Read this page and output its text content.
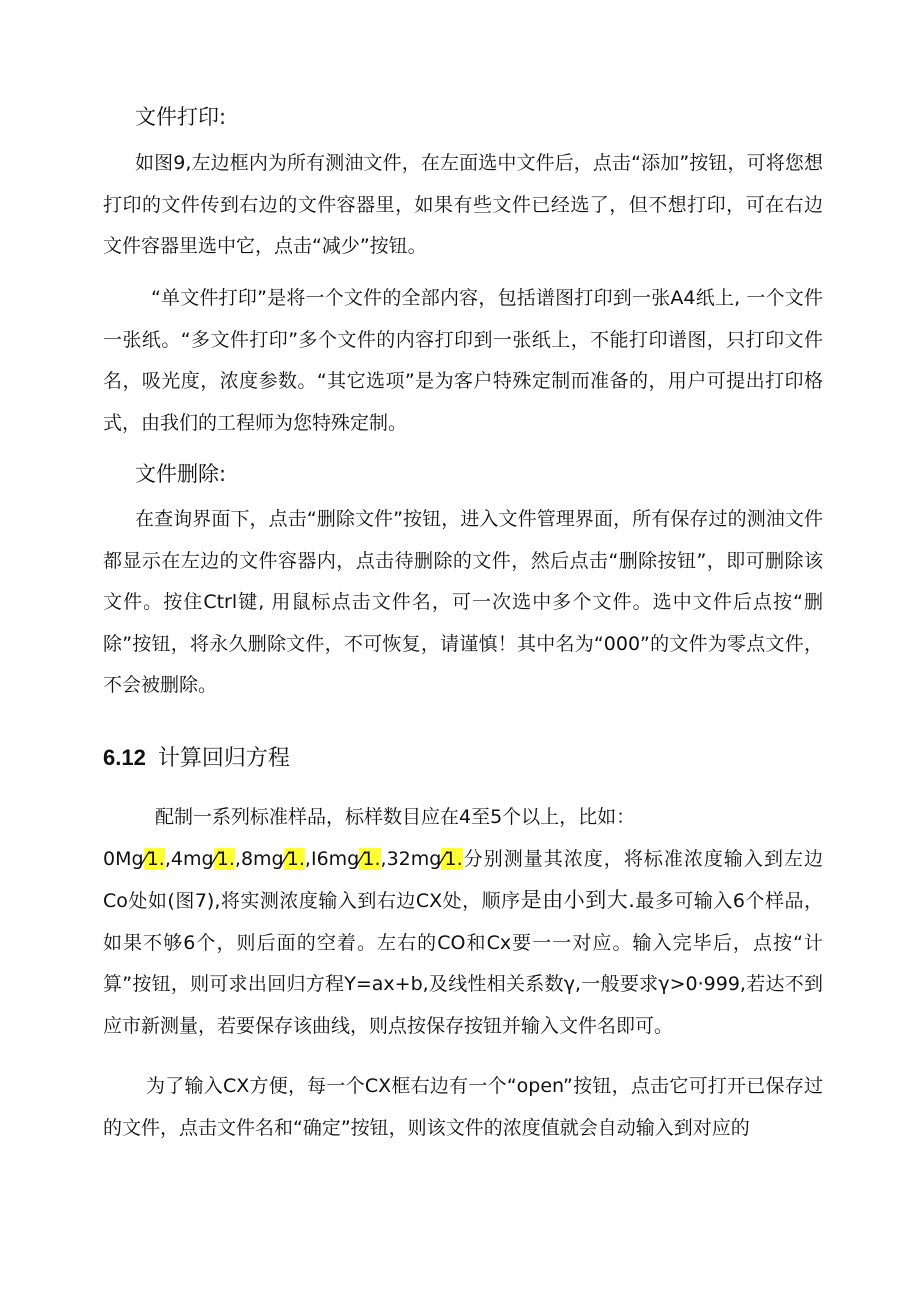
文件打印:

如图9,左边框内为所有测油文件，在左面选中文件后，点击“添加”按钮，可将您想打印的文件传到右边的文件容器里，如果有些文件已经选了，但不想打印，可在右边文件容器里选中它，点击“减少”按钮。

“单文件打印”是将一个文件的全部内容，包括谱图打印到一张A4纸上, 一个文件一张纸。“多文件打印”多个文件的内容打印到一张纸上，不能打印谱图，只打印文件名，吸光度，浓度参数。“其它选项”是为客户特殊定制而准备的，用户可提出打印格式，由我们的工程师为您特殊定制。

文件删除:

在查询界面下，点击“删除文件”按钮，进入文件管理界面，所有保存过的测油文件都显示在左边的文件容器内，点击待删除的文件，然后点击“删除按钮”，即可删除该文件。按住Ctrl键, 用鼠标点击文件名，可一次选中多个文件。选中文件后点按“删除”按钮，将永久删除文件，不可恢复，请谨慎！其中名为“000”的文件为零点文件，不会被删除。

6.12 计算回归方程

配制一系列标准样品，标样数目应在4至5个以上，比如：
0Mg⁄1.,4mg⁄1.,8mg⁄1.,I6mg⁄1.,32mg⁄1.分别测量其浓度，将标准浓度输入到左边Co处如(图7),将实测浓度输入到右边CX处，顺序是由小到大.最多可输入6个样品，如果不够6个，则后面的空着。左右的CO和Cx要一一对应。输入完毕后，点按“计算”按钮，则可求出回归方程Y=ax+b,及线性相关系数γ,一般要求γ>0·999,若达不到应市新测量，若要保存该曲线，则点按保存按钮并输入文件名即可。

为了输入CX方便，每一个CX框右边有一个“open”按钮，点击它可打开已保存过的文件，点击文件名和“确定”按钮，则该文件的浓度值就会自动输入到对应的
